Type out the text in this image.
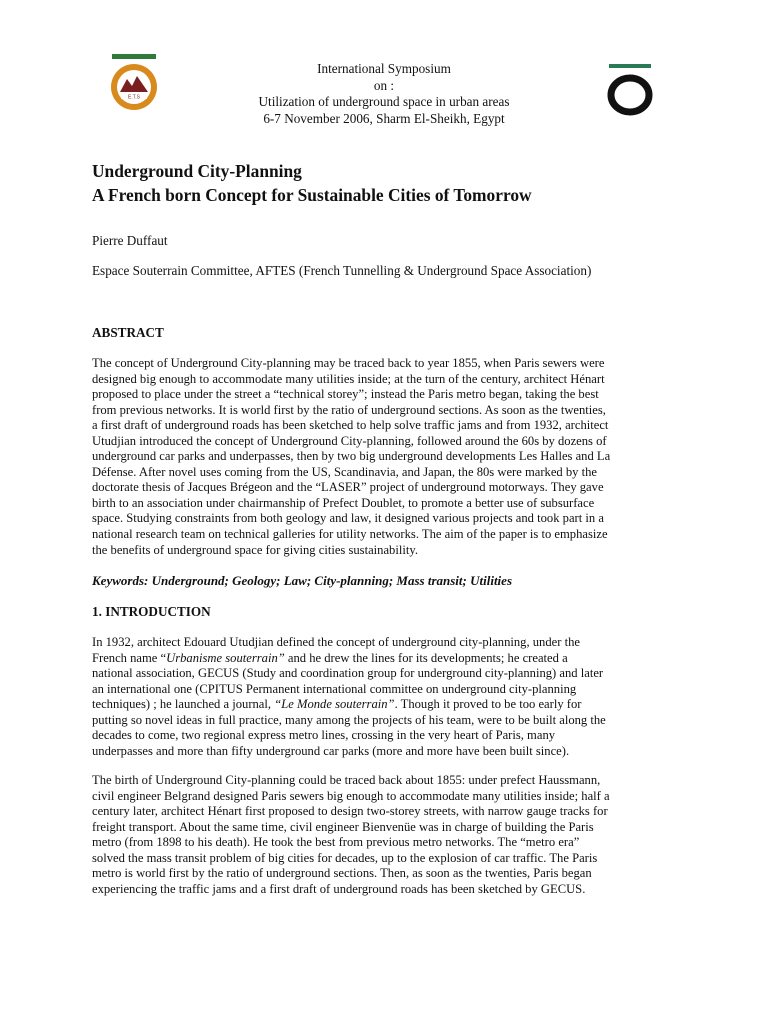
E.T.S
International Symposium
on :
Utilization of underground space in urban areas
6-7 November 2006, Sharm El-Sheikh, Egypt
Underground City-Planning
A French born Concept for Sustainable Cities of Tomorrow
Pierre Duffaut
Espace Souterrain Committee, AFTES (French Tunnelling & Underground Space Association)
ABSTRACT
The concept of Underground City-planning may be traced back to year 1855, when Paris sewers were
designed big enough to accommodate many utilities inside; at the turn of the century, architect Hénart
proposed to place under the street a “technical storey”; instead the Paris metro began, taking the best
from previous networks. It is world first by the ratio of underground sections. As soon as the twenties,
a first draft of underground roads has been sketched to help solve traffic jams and from 1932, architect
Utudjian introduced the concept of Underground City-planning, followed around the 60s by dozens of
underground car parks and underpasses, then by two big underground developments Les Halles and La
Défense. After novel uses coming from the US, Scandinavia, and Japan, the 80s were marked by the
doctorate thesis of Jacques Brégeon and the “LASER” project of underground motorways. They gave
birth to an association under chairmanship of Prefect Doublet, to promote a better use of subsurface
space. Studying constraints from both geology and law, it designed various projects and took part in a
national research team on technical galleries for utility networks. The aim of the paper is to emphasize
the benefits of underground space for giving cities sustainability.
Keywords: Underground; Geology; Law; City-planning; Mass transit; Utilities
1. INTRODUCTION
In 1932, architect Edouard Utudjian defined the concept of underground city-planning, under the
French name “Urbanisme souterrain” and he drew the lines for its developments; he created a
national association, GECUS (Study and coordination group for underground city-planning) and later
an international one (CPITUS Permanent international committee on underground city-planning
techniques) ; he launched a journal, “Le Monde souterrain”. Though it proved to be too early for
putting so novel ideas in full practice, many among the projects of his team, were to be built along the
decades to come, two regional express metro lines, crossing in the very heart of Paris, many
underpasses and more than fifty underground car parks (more and more have been built since).
The birth of Underground City-planning could be traced back about 1855: under prefect Haussmann,
civil engineer Belgrand designed Paris sewers big enough to accommodate many utilities inside; half a
century later, architect Hénart first proposed to design two-storey streets, with narrow gauge tracks for
freight transport. About the same time, civil engineer Bienvenüe was in charge of building the Paris
metro (from 1898 to his death). He took the best from previous metro networks. The “metro era”
solved the mass transit problem of big cities for decades, up to the explosion of car traffic. The Paris
metro is world first by the ratio of underground sections. Then, as soon as the twenties, Paris began
experiencing the traffic jams and a first draft of underground roads has been sketched by GECUS.
